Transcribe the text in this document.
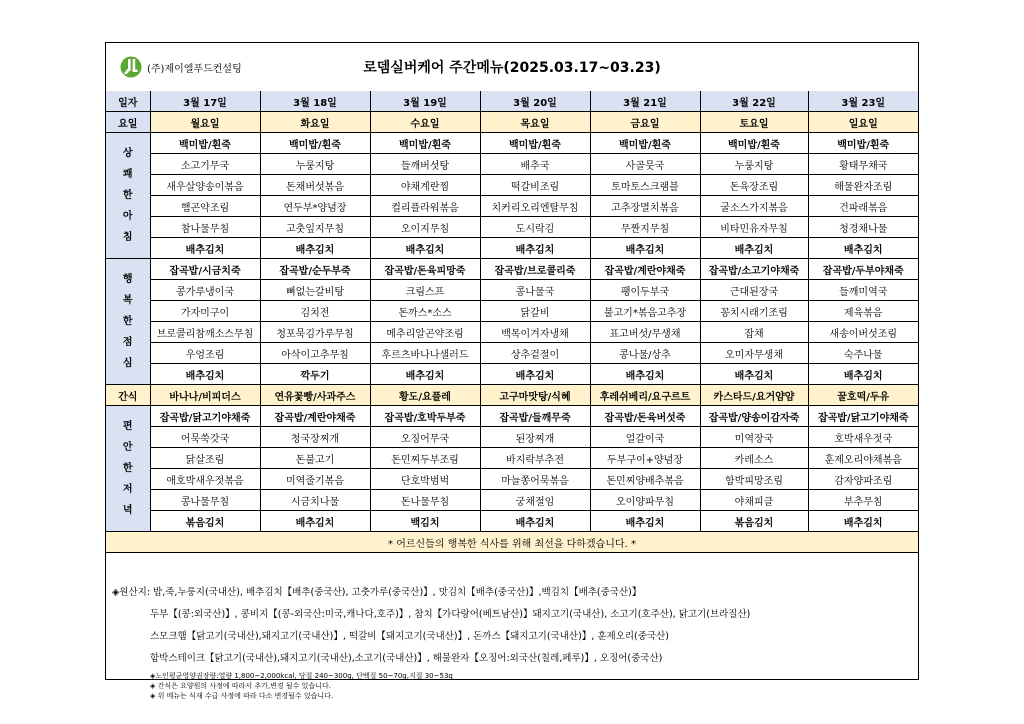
(주)제이엘푸드컨설팅	로뎀실버케어 주간메뉴(2025.03.17~03.23)
일자	3월 17일	3월 18일	3월 19일	3월 20일	3월 21일	3월 22일	3월 23일
요일	월요일	화요일	수요일	목요일	금요일	토요일	일요일

상
쾌
한
아
침	백미밥/흰죽	백미밥/흰죽	백미밥/흰죽	백미밥/흰죽	백미밥/흰죽	백미밥/흰죽	백미밥/흰죽
	소고기무국	누룽지탕	들깨버섯탕	배추국	사골뭇국	누룽지탕	황태무채국
	새우살양송이볶음	돈채버섯볶음	야채계란찜	떡갈비조림	토마토스크램블	돈육장조림	해물완자조림
	햄곤약조림	연두부*양념장	컬리플라워볶음	치커리오리엔탈무침	고추장멸치볶음	굴소스가지볶음	건파래볶음
	참나물무침	고춧잎지무침	오이지무침	도시락김	무짠지무침	비타민유자무침	청경채나물
	배추김치	배추김치	배추김치	배추김치	배추김치	배추김치	배추김치

행
복
한
점
심	잡곡밥/시금치죽	잡곡밥/순두부죽	잡곡밥/돈육피망죽	잡곡밥/브로콜리죽	잡곡밥/계란야채죽	잡곡밥/소고기야채죽	잡곡밥/두부야채죽
	콩가루냉이국	뼈없는갈비탕	크림스프	콩나물국	팽이두부국	근대된장국	들깨미역국
	가자미구이	김치전	돈까스*소스	닭갈비	불고기*볶음고추장	꽁치시래기조림	제육볶음
	브로콜리참깨소스무침	청포묵김가루무침	메추리알곤약조림	백목이겨자냉채	표고버섯/무생채	잡채	새송이버섯조림
	우엉조림	아삭이고추무침	후르츠바나나샐러드	상추겉절이	콩나물/상추	오미자무생채	숙주나물
	배추김치	깍두기	배추김치	배추김치	배추김치	배추김치	배추김치
간식	바나나/비피더스	연유꽃빵/사과주스	황도/요플레	고구마맛탕/식혜	후레쉬베리/요구르트	카스타드/요거얌얌	꿀호떡/두유

편
안
한
저
녁	잡곡밥/닭고기야채죽	잡곡밥/계란야채죽	잡곡밥/호박두부죽	잡곡밥/들깨무죽	잡곡밥/돈육버섯죽	잡곡밥/양송이감자죽	잡곡밥/닭고기야채죽
	어묵쑥갓국	청국장찌개	오징어무국	된장찌개	얼갈이국	미역장국	호박새우젓국
	닭살조림	돈불고기	돈민찌두부조림	바지락부추전	두부구이+양념장	카레소스	훈제오리야채볶음
	애호박새우젓볶음	미역줄기볶음	단호박범벅	마늘쫑어묵볶음	돈민찌양배추볶음	함박피망조림	감자양파조림
	콩나물무침	시금치나물	돈나물무침	궁채절임	오이양파무침	야채피클	부추무침
	볶음김치	배추김치	백김치	배추김치	배추김치	볶음김치	배추김치
* 어르신들의 행복한 식사를 위해 최선을 다하겠습니다. *							
◈원산지: 밥,죽,누룽지(국내산), 배추김치【배추(중국산), 고춧가루(중국산)】, 맛김치【배추(중국산)】,백김치【배추(중국산)】
두부【(콩:외국산)】, 콩비지【(콩-외국산:미국,캐나다,호주)】, 참치【가다랑어(베트남산)】돼지고기(국내산), 소고기(호주산), 닭고기(브라질산)
스모크햄【닭고기(국내산),돼지고기(국내산)】, 떡갈비【돼지고기(국내산)】, 돈까스【돼지고기(국내산)】, 훈제오리(중국산)
함박스테이크【닭고기(국내산),돼지고기(국내산),소고기(국내산)】, 해물완자【오징어:외국산(칠레,페루)】, 오징어(중국산)
◈노인평균영양권장량:열량 1,800~2,000kcal, 당질 240~300g, 단백질 50~70g,지질 30~53g
◈ 간식은 요양원의 사정에 따라서 추가,변경 될수 있습니다.
◈ 위 메뉴는 식재 수급 사정에 따라 다소 변경될수 있습니다.
